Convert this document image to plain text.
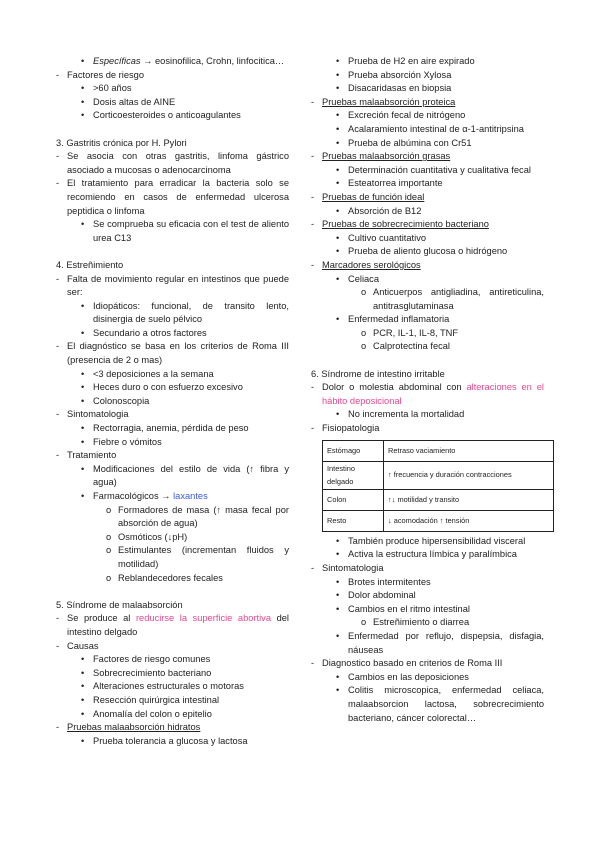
• Específicas → eosinofilica, Crohn, linfocitica…
- Factores de riesgo
• >60 años
• Dosis altas de AINE
• Corticoesteroides o anticoagulantes
3. Gastritis crónica por H. Pylori
- Se asocia con otras gastritis, linfoma gástrico asociado a mucosas o adenocarcinoma
- El tratamiento para erradicar la bacteria solo se recomiendo en casos de enfermedad ulcerosa peptidica o linfoma
• Se comprueba su eficacia con el test de aliento urea C13
4. Estreñimiento
- Falta de movimiento regular en intestinos que puede ser:
• Idiopáticos: funcional, de transito lento, disinergia de suelo pélvico
• Secundario a otros factores
- El diagnóstico se basa en los criterios de Roma III (presencia de 2 o mas)
• <3 deposiciones a la semana
• Heces duro o con esfuerzo excesivo
• Colonoscopia
- Sintomatologia
• Rectorragia, anemia, pérdida de peso
• Fiebre o vómitos
- Tratamiento
• Modificaciones del estilo de vida (↑ fibra y agua)
• Farmacológicos → laxantes
o Formadores de masa (↑ masa fecal por absorción de agua)
o Osmóticos (↓pH)
o Estimulantes (incrementan fluidos y motilidad)
o Reblandecedores fecales
5. Síndrome de malaabsorción
- Se produce al reducirse la superficie abortiva del intestino delgado
- Causas
• Factores de riesgo comunes
• Sobrecrecimiento bacteriano
• Alteraciones estructurales o motoras
• Resección quirúrgica intestinal
• Anomalía del colon o epitelio
- Pruebas malaabsorción hidratos
• Prueba tolerancia a glucosa y lactosa
• Prueba de H2 en aire expirado
• Prueba absorción Xylosa
• Disacaridasas en biopsia
- Pruebas malaabsorción proteica
• Excreción fecal de nitrógeno
• Acalaramiento intestinal de α-1-antitripsina
• Prueba de albúmina con Cr51
- Pruebas malaabsorción grasas
• Determinación cuantitativa y cualitativa fecal
• Esteatorrea importante
- Pruebas de función ideal
• Absorción de B12
- Pruebas de sobrecrecimiento bacteriano
• Cultivo cuantitativo
• Prueba de aliento glucosa o hidrógeno
- Marcadores serológicos
• Celiaca
o Anticuerpos antigliadina, antireticulina, antitrasglutaminasa
• Enfermedad inflamatoria
o PCR, IL-1, IL-8, TNF
o Calprotectina fecal
6. Síndrome de intestino irritable
- Dolor o molestia abdominal con alteraciones en el hábito deposicional
• No incrementa la mortalidad
- Fisiopatologia
Estómago	Retraso vaciamiento
Intestino delgado	↑ frecuencia y duración contracciones
Colon	↑↓ motilidad y transito
Resto	↓ acomodación ↑ tensión
• También produce hipersensibilidad visceral
• Activa la estructura límbica y paralímbica
- Sintomatologia
• Brotes intermitentes
• Dolor abdominal
• Cambios en el ritmo intestinal
o Estreñimiento o diarrea
• Enfermedad por reflujo, dispepsia, disfagia, náuseas
- Diagnostico basado en criterios de Roma III
• Cambios en las deposiciones
• Colitis microscopica, enfermedad celiaca, malaabsorcion lactosa, sobrecrecimiento bacteriano, cáncer colorectal…
